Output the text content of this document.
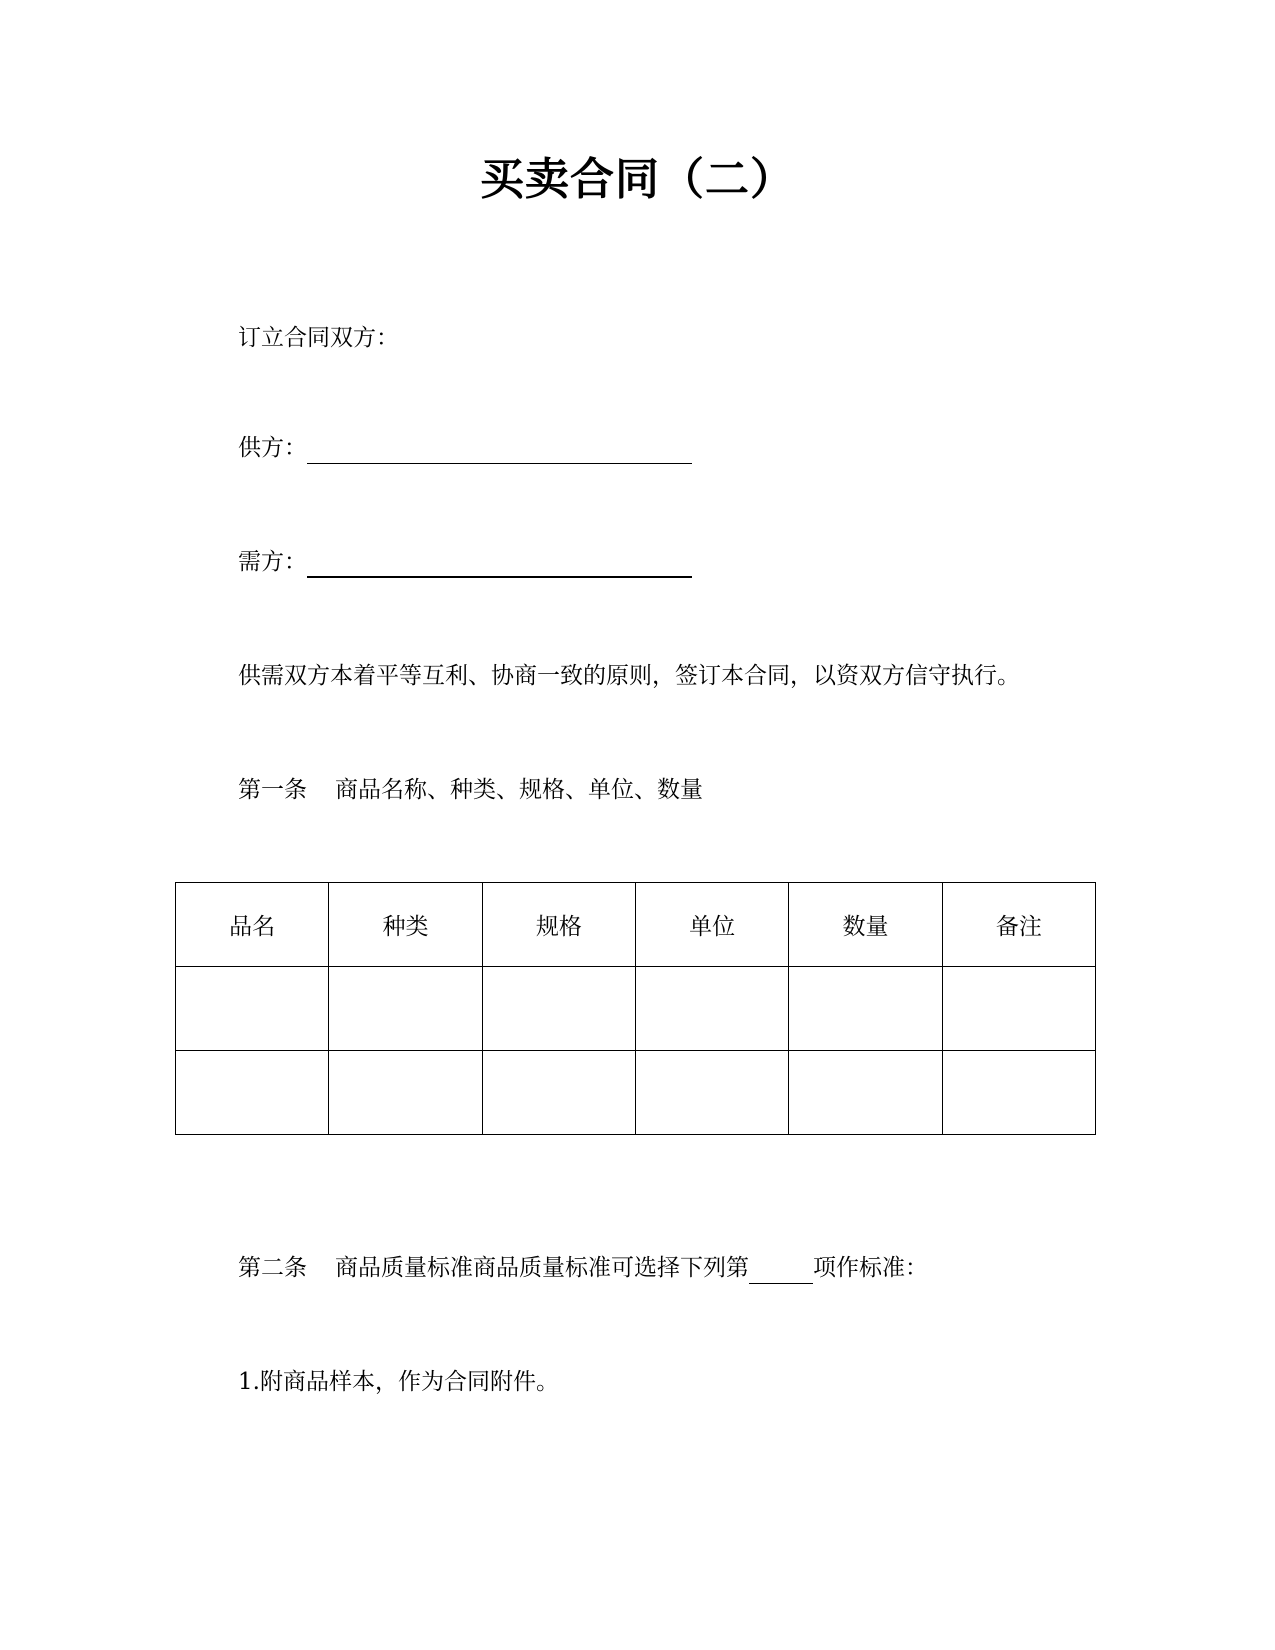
买卖合同（二）
订立合同双方：
供方：
需方：
供需双方本着平等互利、协商一致的原则，签订本合同，以资双方信守执行。
第一条 商品名称、种类、规格、单位、数量
品名	种类	规格	单位	数量	备注

第二条 商品质量标准商品质量标准可选择下列第	项作标准：
1.附商品样本，作为合同附件。
